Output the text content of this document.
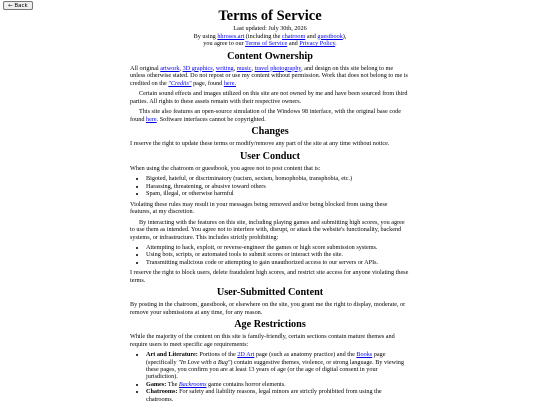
← Back
Terms of Service
Last updated: July 30th, 2026
By using hhroses.art (including the chatroom and guestbook),
you agree to our Terms of Service and Privacy Policy.
Content Ownership

All original artwork, 3D graphics, writing, music, travel photography, and design on this site belong to me unless otherwise stated. Do not repost or use my content without permission. Work that does not belong to me is credited on the "Credits" page, found here.

Certain sound effects and images utilized on this site are not owned by me and have been sourced from third parties. All rights to these assets remain with their respective owners.

This site also features an open-source simulation of the Windows 98 interface, with the original base code found here. Software interfaces cannot be copyrighted.

Changes

I reserve the right to update these terms or modify/remove any part of the site at any time without notice.

User Conduct

When using the chatroom or guestbook, you agree not to post content that is:

• Bigoted, hateful, or discriminatory (racism, sexism, homophobia, transphobia, etc.)
• Harassing, threatening, or abusive toward others
• Spam, illegal, or otherwise harmful

Violating these rules may result in your messages being removed and/or being blocked from using these features, at my discretion.

By interacting with the features on this site, including playing games and submitting high scores, you agree to use them as intended. You agree not to interfere with, disrupt, or attack the website's functionality, backend systems, or infrastructure. This includes strictly prohibiting:

• Attempting to hack, exploit, or reverse-engineer the games or high score submission systems.
• Using bots, scripts, or automated tools to submit scores or interact with the site.
• Transmitting malicious code or attempting to gain unauthorized access to our servers or APIs.

I reserve the right to block users, delete fraudulent high scores, and restrict site access for anyone violating these terms.

User-Submitted Content

By posting in the chatroom, guestbook, or elsewhere on the site, you grant me the right to display, moderate, or remove your submissions at any time, for any reason.

Age Restrictions

While the majority of the content on this site is family-friendly, certain sections contain mature themes and require users to meet specific age requirements:

• Art and Literature: Portions of the 2D Art page (such as anatomy practice) and the Books page (specifically "In Love with a Bug") contain suggestive themes, violence, or strong language. By viewing these pages, you confirm you are at least 13 years of age (or the age of digital consent in your jurisdiction).
• Games: The Backrooms game contains horror elements.
• Chatrooms: For safety and liability reasons, legal minors are strictly prohibited from using the chatrooms.
